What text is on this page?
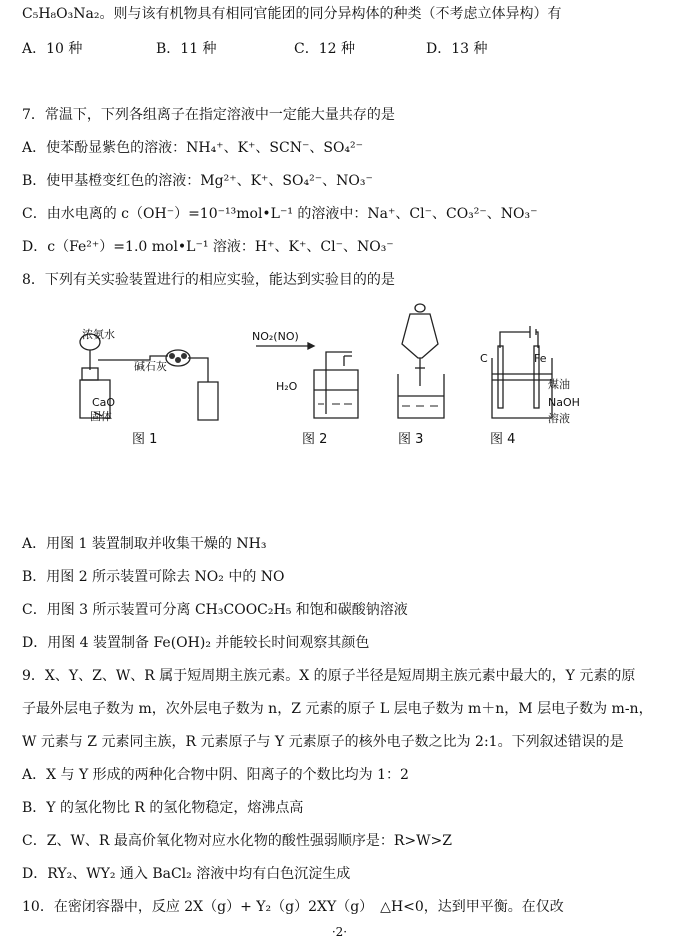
C₅H₈O₃Na₂。则与该有机物具有相同官能团的同分异构体的种类（不考虑立体异构）有
A．10 种	B．11 种	C．12 种	D．13 种
7．常温下，下列各组离子在指定溶液中一定能大量共存的是
A．使苯酚显紫色的溶液：NH₄⁺、K⁺、SCN⁻、SO₄²⁻
B．使甲基橙变红色的溶液：Mg²⁺、K⁺、SO₄²⁻、NO₃⁻
C．由水电离的 c（OH⁻）=10⁻¹³mol•L⁻¹ 的溶液中：Na⁺、Cl⁻、CO₃²⁻、NO₃⁻
D．c（Fe²⁺）=1.0 mol•L⁻¹ 溶液：H⁺、K⁺、Cl⁻、NO₃⁻
8．下列有关实验装置进行的相应实验，能达到实验目的的是
浓氨水
碱石灰
CaO
固体
图 1
NO₂(NO)
H₂O
图 2	图 3
C	Fe
煤油
NaOH
溶液
图 4
A．用图 1 装置制取并收集干燥的 NH₃
B．用图 2 所示装置可除去 NO₂ 中的 NO
C．用图 3 所示装置可分离 CH₃COOC₂H₅ 和饱和碳酸钠溶液
D．用图 4 装置制备 Fe(OH)₂ 并能较长时间观察其颜色
9．X、Y、Z、W、R 属于短周期主族元素。X 的原子半径是短周期主族元素中最大的，Y 元素的原
子最外层电子数为 m，次外层电子数为 n，Z 元素的原子 L 层电子数为 m＋n，M 层电子数为 m-n，
W 元素与 Z 元素同主族，R 元素原子与 Y 元素原子的核外电子数之比为 2:1。下列叙述错误的是
A．X 与 Y 形成的两种化合物中阴、阳离子的个数比均为 1：2
B．Y 的氢化物比 R 的氢化物稳定，熔沸点高
C．Z、W、R 最高价氧化物对应水化物的酸性强弱顺序是：R>W>Z
D．RY₂、WY₂ 通入 BaCl₂ 溶液中均有白色沉淀生成
10．在密闭容器中，反应 2X（g）+ Y₂（g）2XY（g）　△H<0，达到甲平衡。在仅改
·2·
